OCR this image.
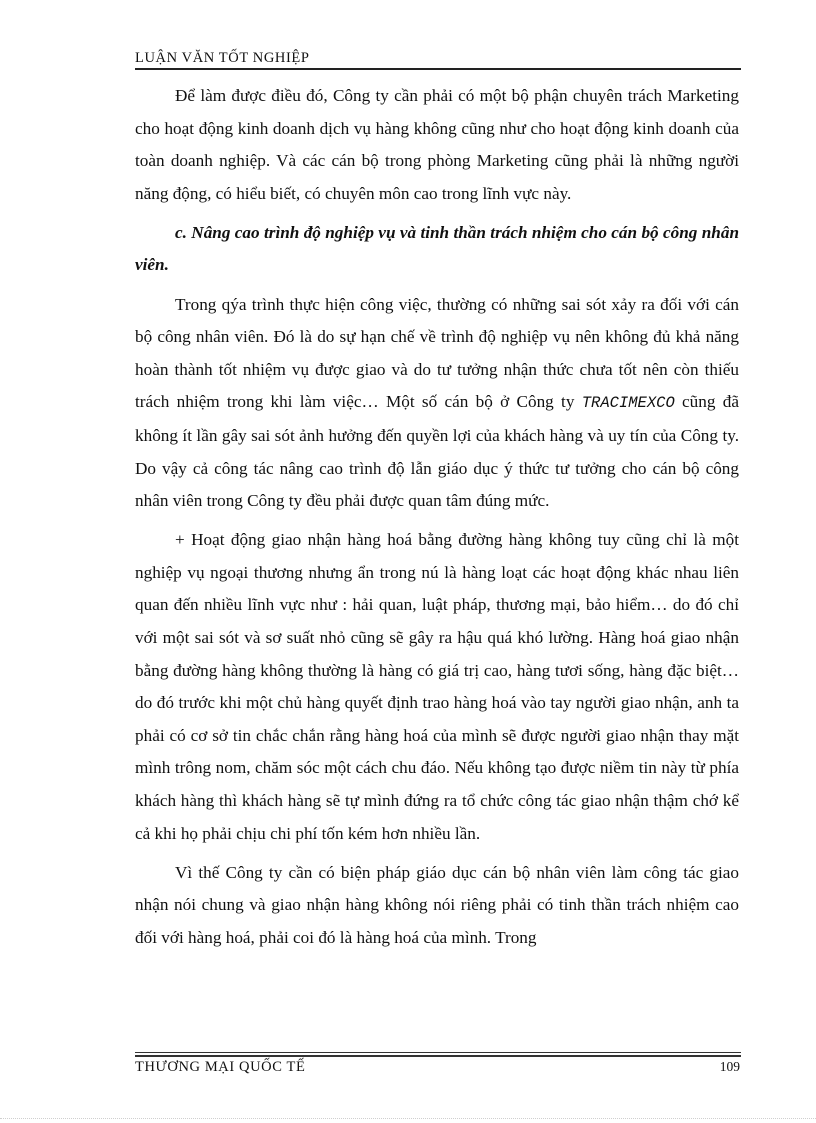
LUẬN VĂN TỐT NGHIỆP

Để làm được điều đó, Công ty cần phải có một bộ phận chuyên trách Marketing cho hoạt động kinh doanh dịch vụ hàng không cũng như cho hoạt động kinh doanh của toàn doanh nghiệp. Và các cán bộ trong phòng Marketing cũng phải là những người năng động, có hiểu biết, có chuyên môn cao trong lĩnh vực này.

c. Nâng cao trình độ nghiệp vụ và tinh thần trách nhiệm cho cán bộ công nhân viên.

Trong qýa trình thực hiện công việc, thường có những sai sót xảy ra đối với cán bộ công nhân viên. Đó là do sự hạn chế về trình độ nghiệp vụ nên không đủ khả năng hoàn thành tốt nhiệm vụ được giao và do tư tưởng nhận thức chưa tốt nên còn thiếu trách nhiệm trong khi làm việc… Một số cán bộ ở Công ty TRACIMEXCO cũng đã không ít lần gây sai sót ảnh hưởng đến quyền lợi của khách hàng và uy tín của Công ty. Do vậy cả công tác nâng cao trình độ lẫn giáo dục ý thức tư tưởng cho cán bộ công nhân viên trong Công ty đều phải được quan tâm đúng mức.

+ Hoạt động giao nhận hàng hoá bằng đường hàng không tuy cũng chỉ là một nghiệp vụ ngoại thương nhưng ẩn trong nú là hàng loạt các hoạt động khác nhau liên quan đến nhiều lĩnh vực như : hải quan, luật pháp, thương mại, bảo hiểm… do đó chỉ với một sai sót và sơ suất nhỏ cũng sẽ gây ra hậu quá khó lường. Hàng hoá giao nhận bằng đường hàng không thường là hàng có giá trị cao, hàng tươi sống, hàng đặc biệt… do đó trước khi một chủ hàng quyết định trao hàng hoá vào tay người giao nhận, anh ta phải có cơ sở tin chắc chắn rằng hàng hoá của mình sẽ được người giao nhận thay mặt mình trông nom, chăm sóc một cách chu đáo. Nếu không tạo được niềm tin này từ phía khách hàng thì khách hàng sẽ tự mình đứng ra tổ chức công tác giao nhận thậm chớ kể cả khi họ phải chịu chi phí tốn kém hơn nhiều lần.

Vì thế Công ty cần có biện pháp giáo dục cán bộ nhân viên làm công tác giao nhận nói chung và giao nhận hàng không nói riêng phải có tinh thần trách nhiệm cao đối với hàng hoá, phải coi đó là hàng hoá của mình. Trong

THƯƠNG MẠI QUỐC TẾ	109
